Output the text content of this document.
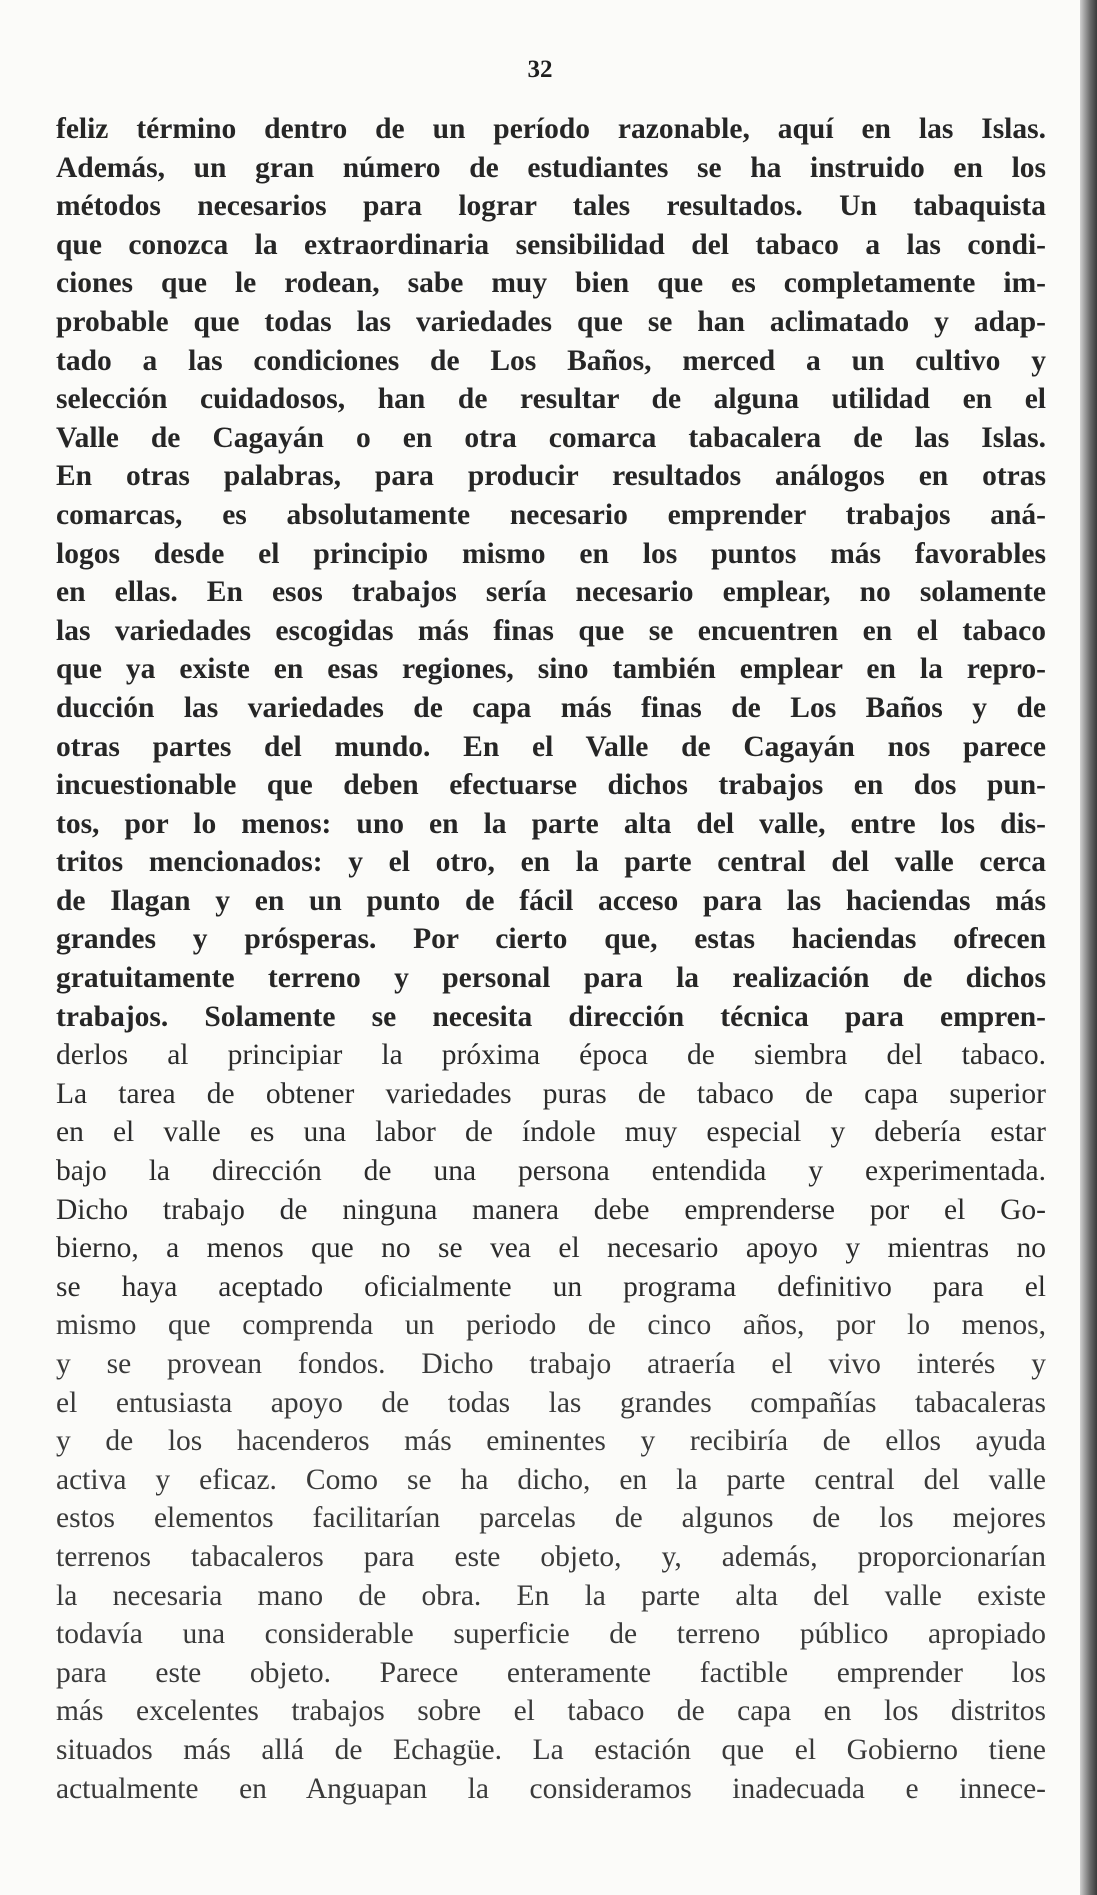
32

feliz término dentro de un período razonable, aquí en las Islas.
Además, un gran número de estudiantes se ha instruido en los
métodos necesarios para lograr tales resultados. Un tabaquista
que conozca la extraordinaria sensibilidad del tabaco a las condi-
ciones que le rodean, sabe muy bien que es completamente im-
probable que todas las variedades que se han aclimatado y adap-
tado a las condiciones de Los Baños, merced a un cultivo y
selección cuidadosos, han de resultar de alguna utilidad en el
Valle de Cagayán o en otra comarca tabacalera de las Islas.
En otras palabras, para producir resultados análogos en otras
comarcas, es absolutamente necesario emprender trabajos aná-
logos desde el principio mismo en los puntos más favorables
en ellas. En esos trabajos sería necesario emplear, no solamente
las variedades escogidas más finas que se encuentren en el tabaco
que ya existe en esas regiones, sino también emplear en la repro-
ducción las variedades de capa más finas de Los Baños y de
otras partes del mundo. En el Valle de Cagayán nos parece
incuestionable que deben efectuarse dichos trabajos en dos pun-
tos, por lo menos: uno en la parte alta del valle, entre los dis-
tritos mencionados: y el otro, en la parte central del valle cerca
de Ilagan y en un punto de fácil acceso para las haciendas más
grandes y prósperas. Por cierto que, estas haciendas ofrecen
gratuitamente terreno y personal para la realización de dichos
trabajos. Solamente se necesita dirección técnica para empren-
derlos al principiar la próxima época de siembra del tabaco.
La tarea de obtener variedades puras de tabaco de capa superior
en el valle es una labor de índole muy especial y debería estar
bajo la dirección de una persona entendida y experimentada.
Dicho trabajo de ninguna manera debe emprenderse por el Go-
bierno, a menos que no se vea el necesario apoyo y mientras no
se haya aceptado oficialmente un programa definitivo para el
mismo que comprenda un periodo de cinco años, por lo menos,
y se provean fondos. Dicho trabajo atraería el vivo interés y
el entusiasta apoyo de todas las grandes compañías tabacaleras
y de los hacenderos más eminentes y recibiría de ellos ayuda
activa y eficaz. Como se ha dicho, en la parte central del valle
estos elementos facilitarían parcelas de algunos de los mejores
terrenos tabacaleros para este objeto, y, además, proporcionarían
la necesaria mano de obra. En la parte alta del valle existe
todavía una considerable superficie de terreno público apropiado
para este objeto. Parece enteramente factible emprender los
más excelentes trabajos sobre el tabaco de capa en los distritos
situados más allá de Echagüe. La estación que el Gobierno tiene
actualmente en Anguapan la consideramos inadecuada e innece-
